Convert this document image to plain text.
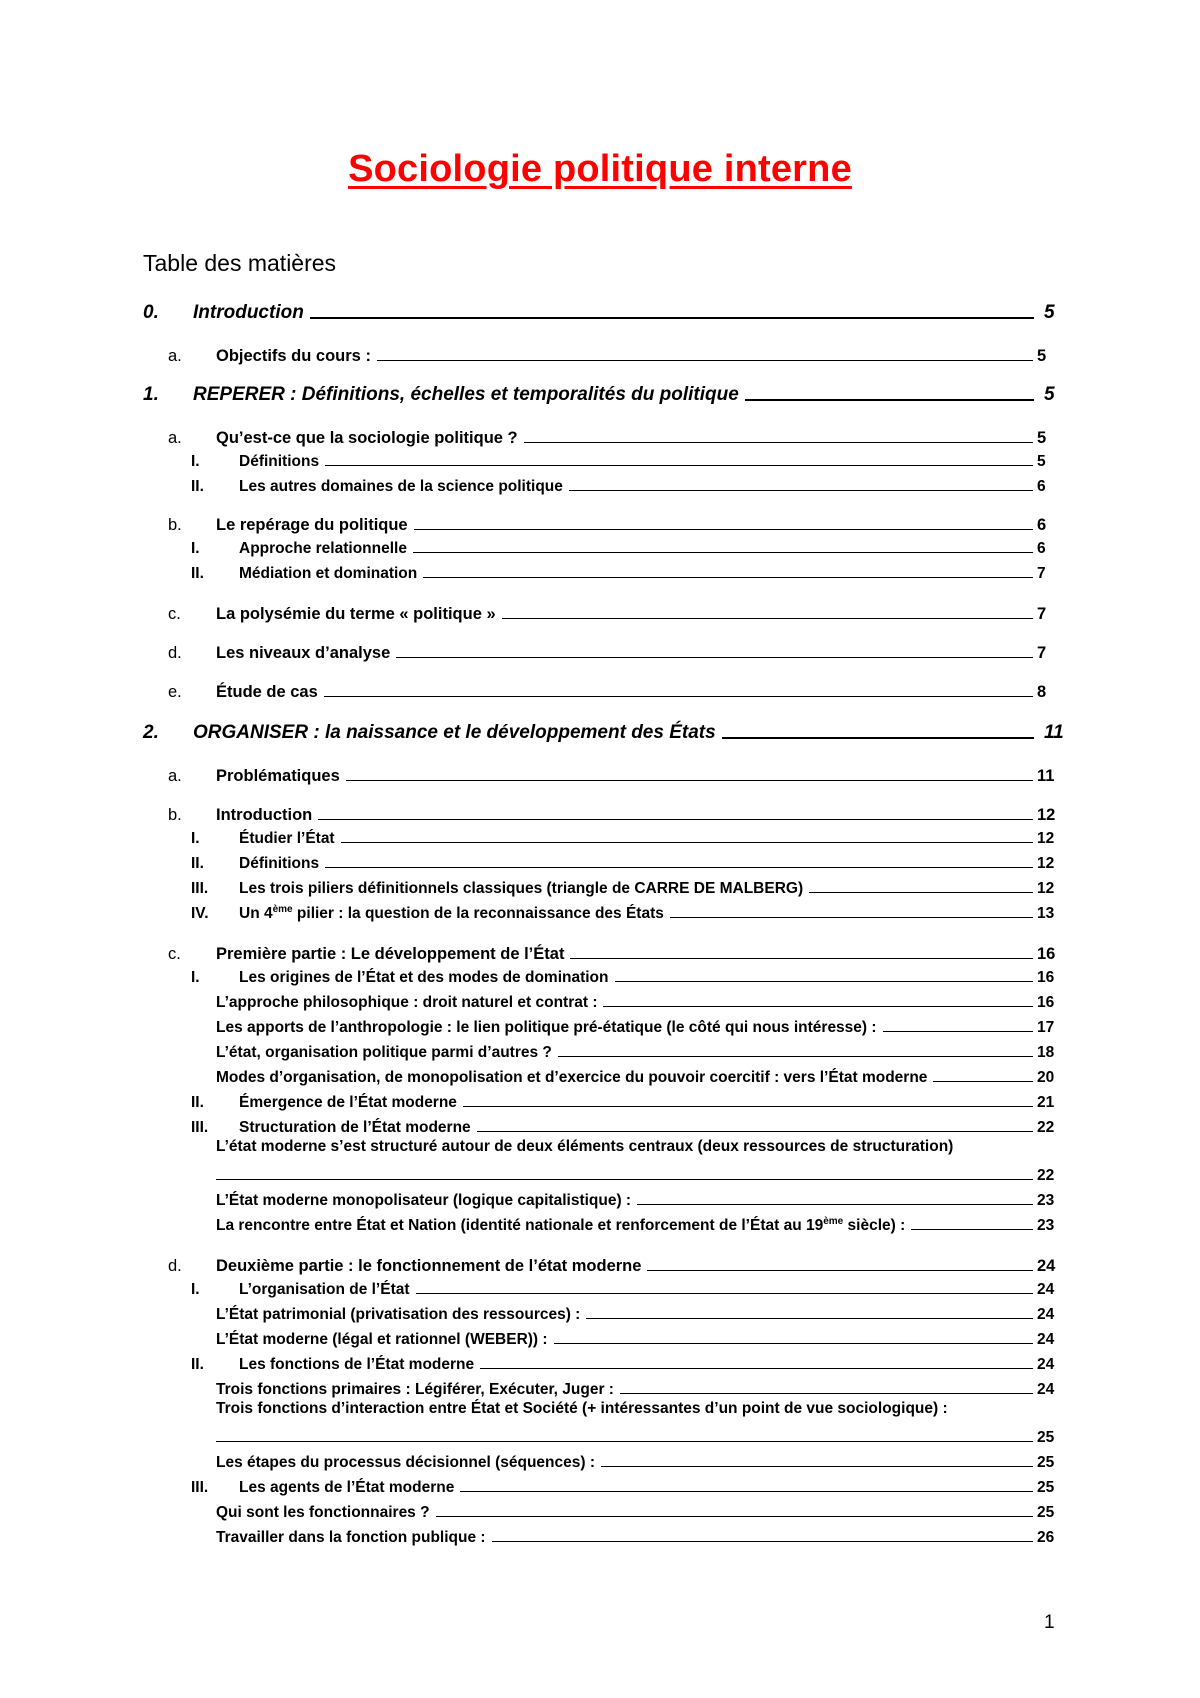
Sociologie politique interne
Table des matières
0.	Introduction	5
a.	Objectifs du cours :	5
1.	REPERER : Définitions, échelles et temporalités du politique	5
a.	Qu’est-ce que la sociologie politique ?	5
I.	Définitions	5
II.	Les autres domaines de la science politique	6
b.	Le repérage du politique	6
I.	Approche relationnelle	6
II.	Médiation et domination	7
c.	La polysémie du terme « politique »	7
d.	Les niveaux d’analyse	7
e.	Étude de cas	8
2.	ORGANISER : la naissance et le développement des États	11
a.	Problématiques	11
b.	Introduction	12
I.	Étudier l’État	12
II.	Définitions	12
III.	Les trois piliers définitionnels classiques (triangle de CARRE DE MALBERG)	12
IV.	Un 4ème pilier : la question de la reconnaissance des États	13
c.	Première partie : Le développement de l’État	16
I.	Les origines de l’État et des modes de domination	16
L’approche philosophique : droit naturel et contrat :	16
Les apports de l’anthropologie : le lien politique pré-étatique (le côté qui nous intéresse) :	17
L’état, organisation politique parmi d’autres ?	18
Modes d’organisation, de monopolisation et d’exercice du pouvoir coercitif : vers l’État moderne	20
II.	Émergence de l’État moderne	21
III.	Structuration de l’État moderne	22
L’état moderne s’est structuré autour de deux éléments centraux (deux ressources de structuration)
22
L’État moderne monopolisateur (logique capitalistique) :	23
La rencontre entre État et Nation (identité nationale et renforcement de l’État au 19ème siècle) :	23
d.	Deuxième partie : le fonctionnement de l’état moderne	24
I.	L’organisation de l’État	24
L’État patrimonial (privatisation des ressources) :	24
L’État moderne (légal et rationnel (WEBER)) :	24
II.	Les fonctions de l’État moderne	24
Trois fonctions primaires : Légiférer, Exécuter, Juger :	24
Trois fonctions d’interaction entre État et Société (+ intéressantes d’un point de vue sociologique) :
25
Les étapes du processus décisionnel (séquences) :	25
III.	Les agents de l’État moderne	25
Qui sont les fonctionnaires ?	25
Travailler dans la fonction publique :	26
1
